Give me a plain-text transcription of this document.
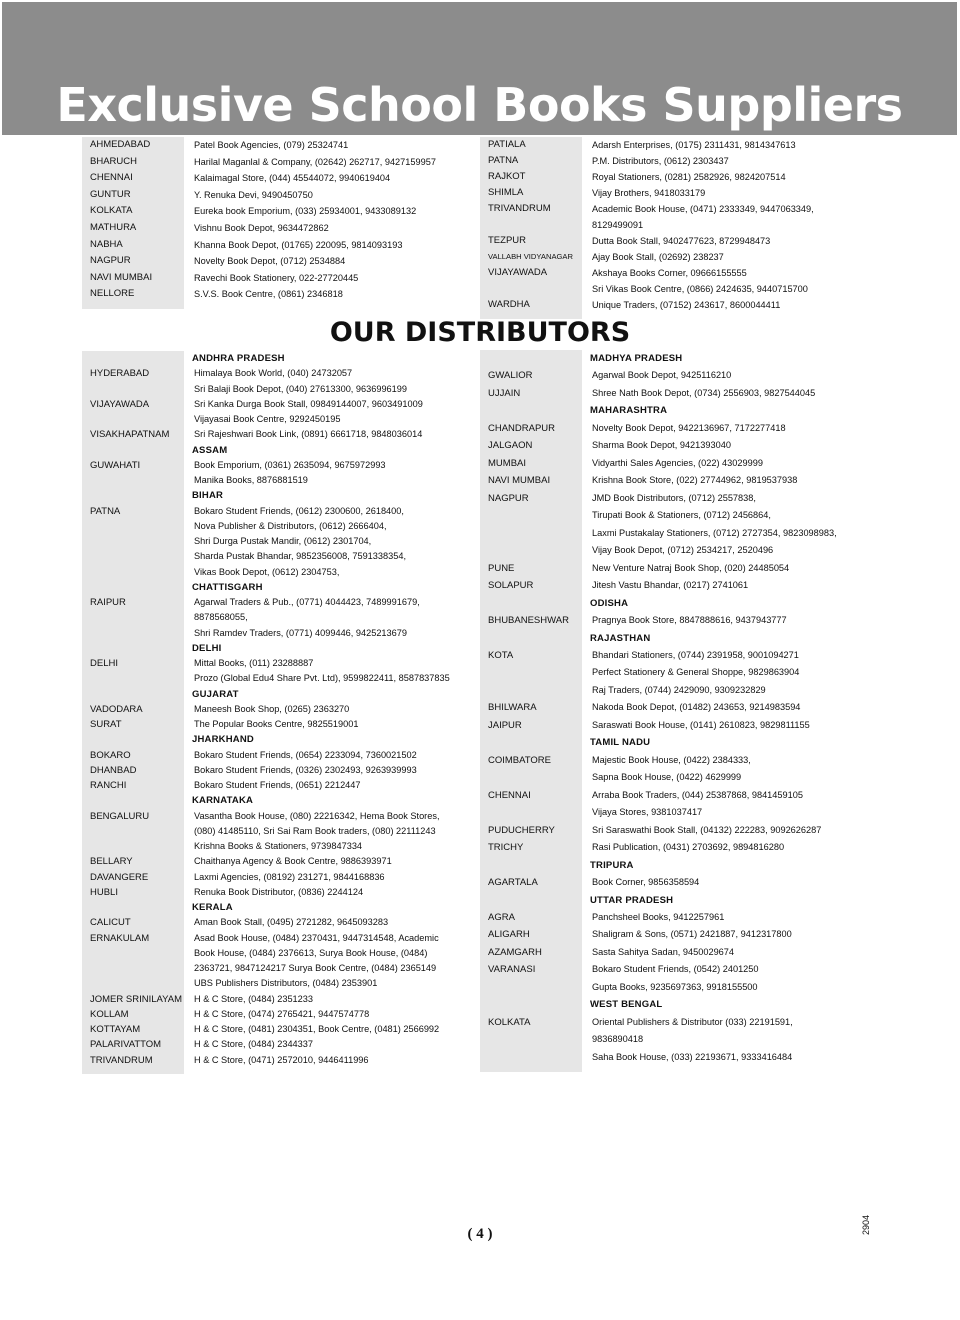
Exclusive School Books Suppliers
AHMEDABAD	Patel Book Agencies, (079) 25324741
BHARUCH	Harilal Maganlal & Company, (02642) 262717, 9427159957
CHENNAI	Kalaimagal Store, (044) 45544072, 9940619404
GUNTUR	Y. Renuka Devi, 9490450750
KOLKATA	Eureka book Emporium, (033) 25934001, 9433089132
MATHURA	Vishnu Book Depot, 9634472862
NABHA	Khanna Book Depot, (01765) 220095, 9814093193
NAGPUR	Novelty Book Depot, (0712) 2534884
NAVI MUMBAI	Ravechi Book Stationery, 022-27720445
NELLORE	S.V.S. Book Centre, (0861) 2346818
PATIALA	Adarsh Enterprises, (0175) 2311431, 9814347613
PATNA	P.M. Distributors, (0612) 2303437
RAJKOT	Royal Stationers, (0281) 2582926, 9824207514
SHIMLA	Vijay Brothers, 9418033179
TRIVANDRUM	Academic Book House, (0471) 2333349, 9447063349,
8129499091
TEZPUR	Dutta Book Stall, 9402477623, 8729948473
VALLABH VIDYANAGAR	Ajay Book Stall, (02692) 238237
VIJAYAWADA	Akshaya Books Corner, 09666155555
Sri Vikas Book Centre, (0866) 2424635, 9440715700
WARDHA	Unique Traders, (07152) 243617, 8600044411
OUR DISTRIBUTORS
ANDHRA PRADESH
HYDERABAD	Himalaya Book World, (040) 24732057
Sri Balaji Book Depot, (040) 27613300, 9636996199
VIJAYAWADA	Sri Kanka Durga Book Stall, 09849144007, 9603491009
Vijayasai Book Centre, 9292450195
VISAKHAPATNAM	Sri Rajeshwari Book Link, (0891) 6661718, 9848036014
ASSAM
GUWAHATI	Book Emporium, (0361) 2635094, 9675972993
Manika Books, 8876881519
BIHAR
PATNA	Bokaro Student Friends, (0612) 2300600, 2618400,
Nova Publisher & Distributors, (0612) 2666404,
Shri Durga Pustak Mandir, (0612) 2301704,
Sharda Pustak Bhandar, 9852356008, 7591338354,
Vikas Book Depot, (0612) 2304753,
CHATTISGARH
RAIPUR	Agarwal Traders & Pub., (0771) 4044423, 7489991679,
8878568055,
Shri Ramdev Traders, (0771) 4099446, 9425213679
DELHI
DELHI	Mittal Books, (011) 23288887
Prozo (Global Edu4 Share Pvt. Ltd), 9599822411, 8587837835
GUJARAT
VADODARA	Maneesh Book Shop, (0265) 2363270
SURAT	The Popular Books Centre, 9825519001
JHARKHAND
BOKARO	Bokaro Student Friends, (0654) 2233094, 7360021502
DHANBAD	Bokaro Student Friends, (0326) 2302493, 9263939993
RANCHI	Bokaro Student Friends, (0651) 2212447
KARNATAKA
BENGALURU	Vasantha Book House, (080) 22216342, Hema Book Stores,
(080) 41485110, Sri Sai Ram Book traders, (080) 22111243
Krishna Books & Stationers, 9739847334
BELLARY	Chaithanya Agency & Book Centre, 9886393971
DAVANGERE	Laxmi Agencies, (08192) 231271, 9844168836
HUBLI	Renuka Book Distributor, (0836) 2244124
KERALA
CALICUT	Aman Book Stall, (0495) 2721282, 9645093283
ERNAKULAM	Asad Book House, (0484) 2370431, 9447314548, Academic
Book House, (0484) 2376613, Surya Book House, (0484)
2363721, 9847124217 Surya Book Centre, (0484) 2365149
UBS Publishers Distributors, (0484) 2353901
JOMER SRINILAYAM	H & C Store, (0484) 2351233
KOLLAM	H & C Store, (0474) 2765421, 9447574778
KOTTAYAM	H & C Store, (0481) 2304351, Book Centre, (0481) 2566992
PALARIVATTOM	H & C Store, (0484) 2344337
TRIVANDRUM	H & C Store, (0471) 2572010, 9446411996
MADHYA PRADESH
GWALIOR	Agarwal Book Depot, 9425116210
UJJAIN	Shree Nath Book Depot, (0734) 2556903, 9827544045
MAHARASHTRA
CHANDRAPUR	Novelty Book Depot, 9422136967, 7172277418
JALGAON	Sharma Book Depot, 9421393040
MUMBAI	Vidyarthi Sales Agencies, (022) 43029999
NAVI MUMBAI	Krishna Book Store, (022) 27744962, 9819537938
NAGPUR	JMD Book Distributors, (0712) 2557838,
Tirupati Book & Stationers, (0712) 2456864,
Laxmi Pustakalay Stationers, (0712) 2727354, 9823098983,
Vijay Book Depot, (0712) 2534217, 2520496
PUNE	New Venture Natraj Book Shop, (020) 24485054
SOLAPUR	Jitesh Vastu Bhandar, (0217) 2741061
ODISHA
BHUBANESHWAR	Pragnya Book Store, 8847888616, 9437943777
RAJASTHAN
KOTA	Bhandari Stationers, (0744) 2391958, 9001094271
Perfect Stationery & General Shoppe, 9829863904
Raj Traders, (0744) 2429090, 9309232829
BHILWARA	Nakoda Book Depot, (01482) 243653, 9214983594
JAIPUR	Saraswati Book House, (0141) 2610823, 9829811155
TAMIL NADU
COIMBATORE	Majestic Book House, (0422) 2384333,
Sapna Book House, (0422) 4629999
CHENNAI	Arraba Book Traders, (044) 25387868, 9841459105
Vijaya Stores, 9381037417
PUDUCHERRY	Sri Saraswathi Book Stall, (04132) 222283, 9092626287
TRICHY	Rasi Publication, (0431) 2703692, 9894816280
TRIPURA
AGARTALA	Book Corner, 9856358594
UTTAR PRADESH
AGRA	Panchsheel Books, 9412257961
ALIGARH	Shaligram & Sons, (0571) 2421887, 9412317800
AZAMGARH	Sasta Sahitya Sadan, 9450029674
VARANASI	Bokaro Student Friends, (0542) 2401250
Gupta Books, 9235697363, 9918155500
WEST BENGAL
KOLKATA	Oriental Publishers & Distributor (033) 22191591,
9836890418
Saha Book House, (033) 22193671, 9333416484
( 4 )	2904
